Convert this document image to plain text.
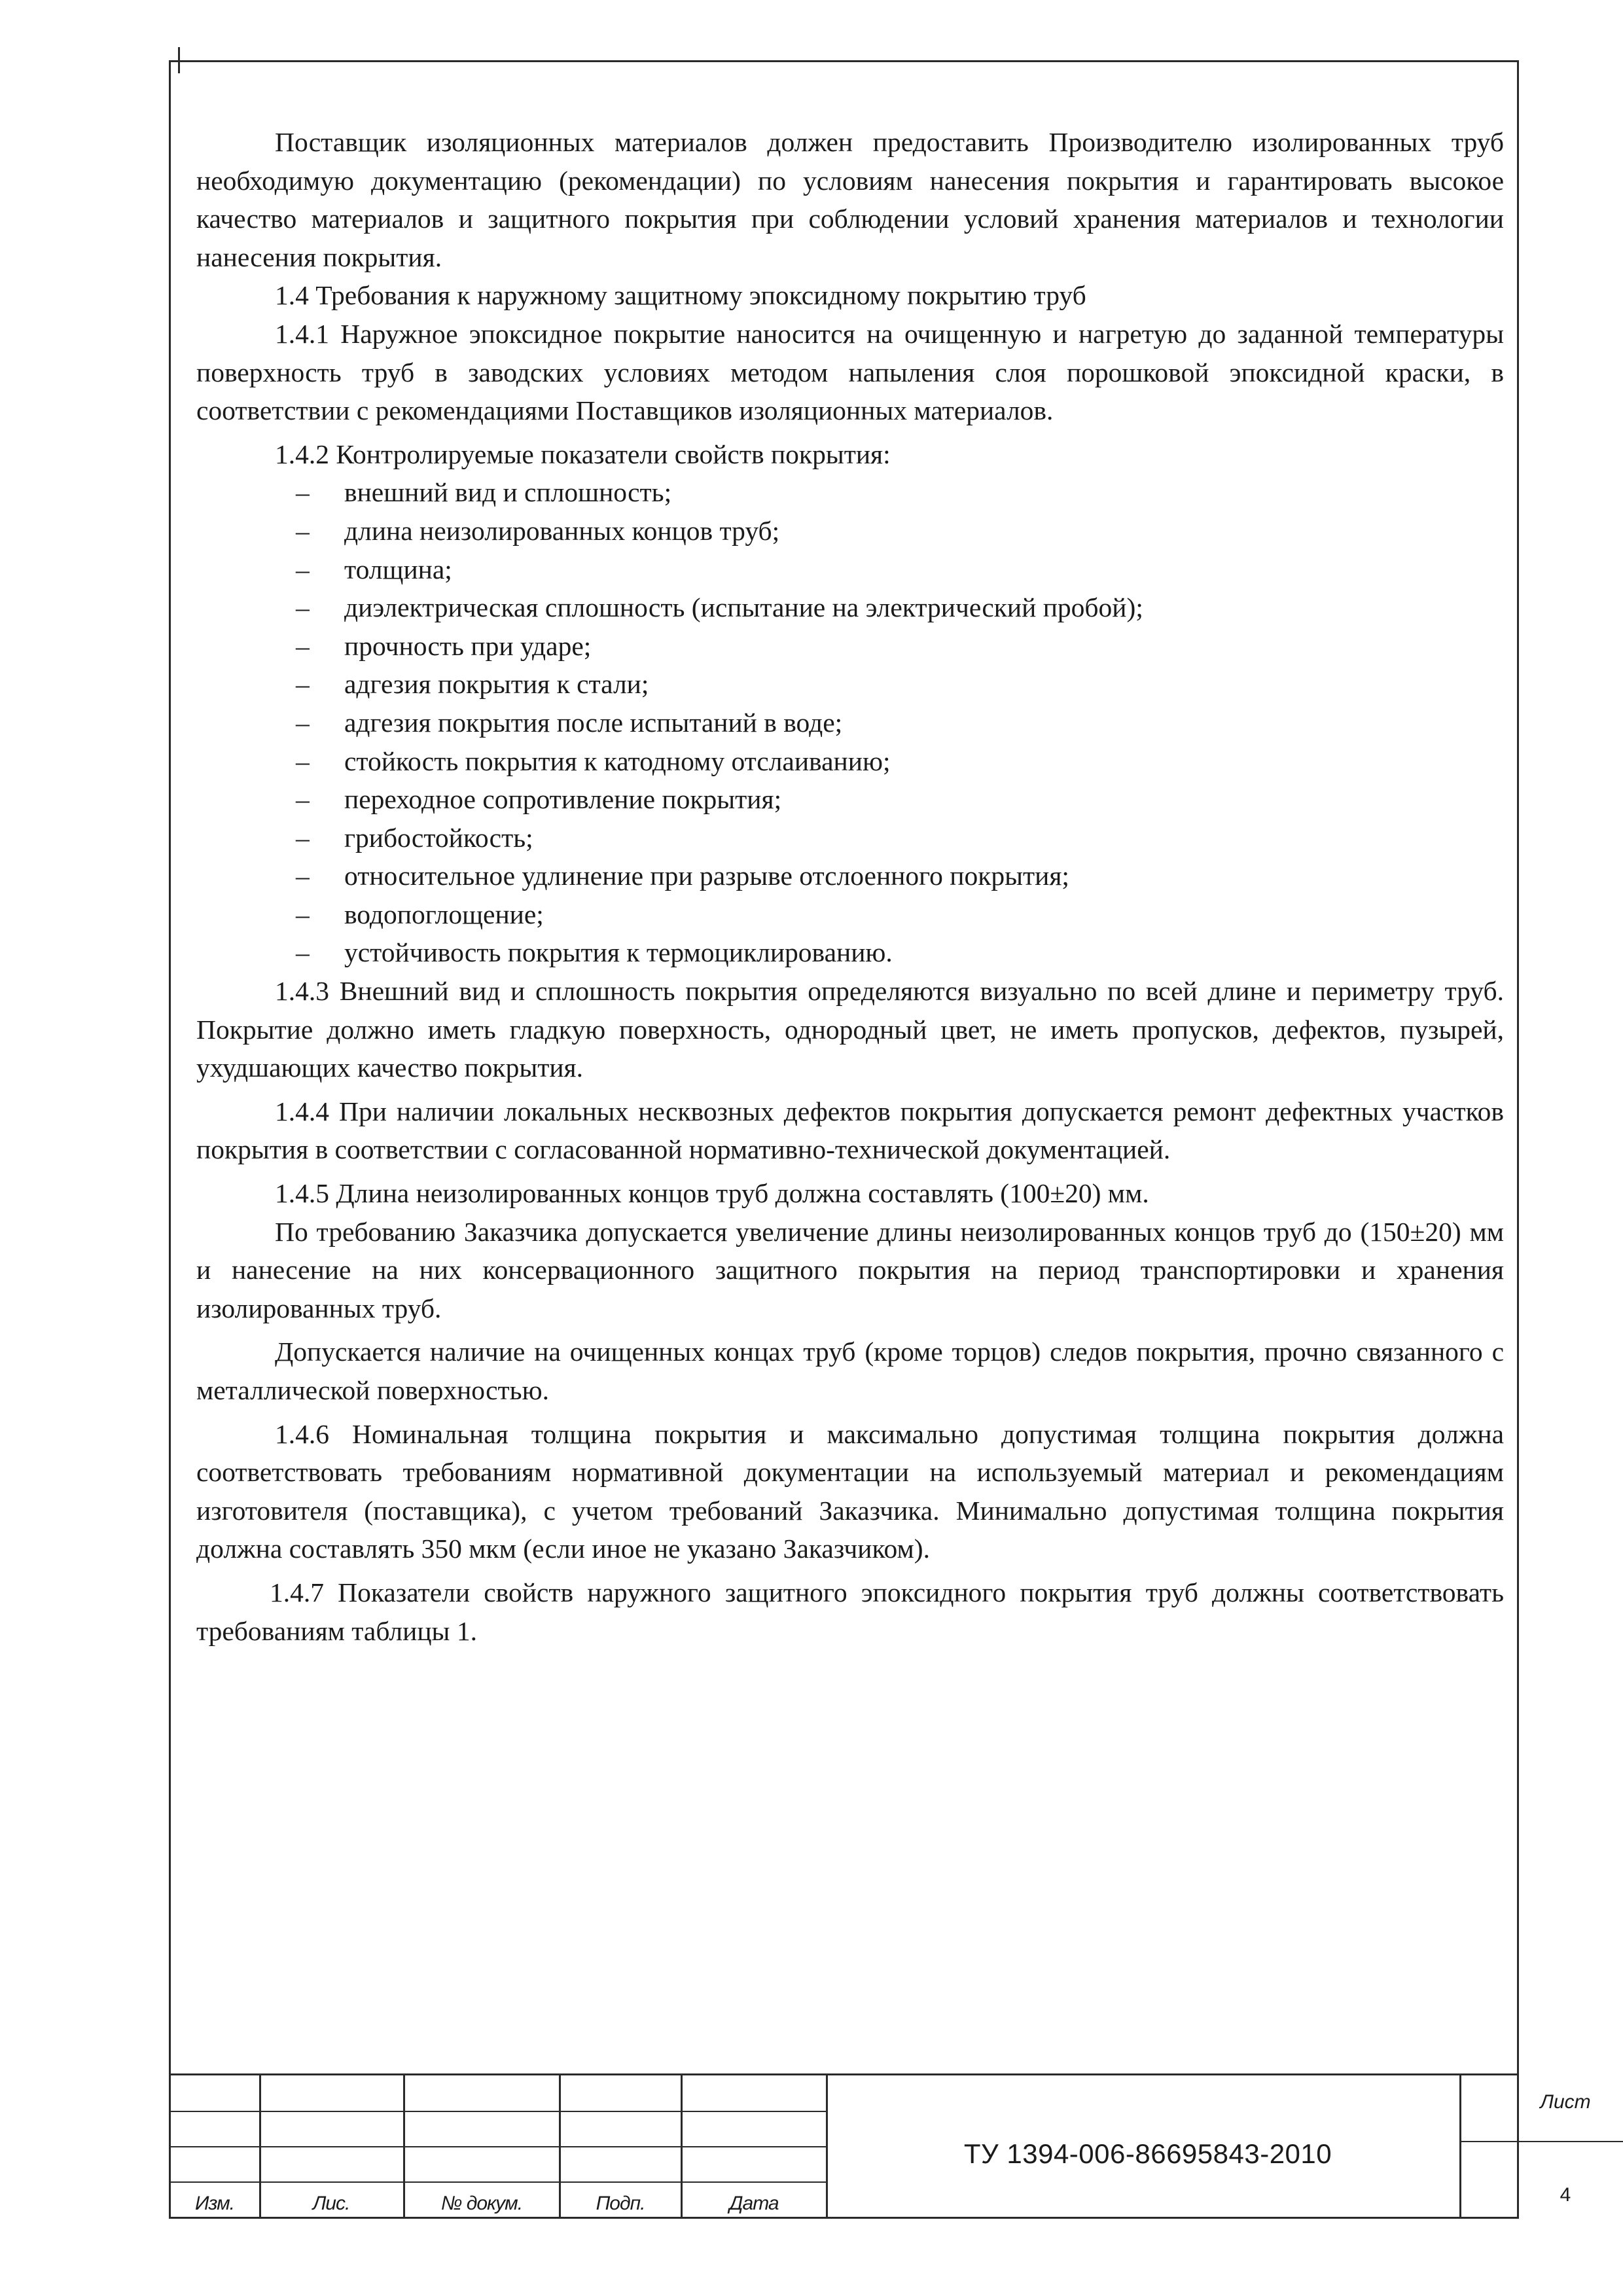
Поставщик изоляционных материалов должен предоставить Производителю изолированных труб необходимую документацию (рекомендации) по условиям нанесения покрытия и гарантировать высокое качество материалов и защитного покрытия при соблюдении условий хранения материалов и технологии нанесения покрытия.

1.4 Требования к наружному защитному эпоксидному покрытию труб

1.4.1 Наружное эпоксидное покрытие наносится на очищенную и нагретую до заданной температуры поверхность труб в заводских условиях методом напыления слоя порошковой эпоксидной краски, в соответствии с рекомендациями Поставщиков изоляционных материалов.

1.4.2 Контролируемые показатели свойств покрытия:

– внешний вид и сплошность;
– длина неизолированных концов труб;
– толщина;
– диэлектрическая сплошность (испытание на электрический пробой);
– прочность при ударе;
– адгезия покрытия к стали;
– адгезия покрытия после испытаний в воде;
– стойкость покрытия к катодному отслаиванию;
– переходное сопротивление покрытия;
– грибостойкость;
– относительное удлинение при разрыве отслоенного покрытия;
– водопоглощение;
– устойчивость покрытия к термоциклированию.

1.4.3 Внешний вид и сплошность покрытия определяются визуально по всей длине и периметру труб. Покрытие должно иметь гладкую поверхность, однородный цвет, не иметь пропусков, дефектов, пузырей, ухудшающих качество покрытия.

1.4.4 При наличии локальных несквозных дефектов покрытия допускается ремонт дефектных участков покрытия в соответствии с согласованной нормативно-технической документацией.

1.4.5 Длина неизолированных концов труб должна составлять (100±20) мм.

По требованию Заказчика допускается увеличение длины неизолированных концов труб до (150±20) мм и нанесение на них консервационного защитного покрытия на период транспортировки и хранения изолированных труб.

Допускается наличие на очищенных концах труб (кроме торцов) следов покрытия, прочно связанного с металлической поверхностью.

1.4.6 Номинальная толщина покрытия и максимально допустимая толщина покрытия должна соответствовать требованиям нормативной документации на используемый материал и рекомендациям изготовителя (поставщика), с учетом требований Заказчика. Минимально допустимая толщина покрытия должна составлять 350 мкм (если иное не указано Заказчиком).

1.4.7 Показатели свойств наружного защитного эпоксидного покрытия труб должны соответствовать требованиям таблицы 1.

Изм.	Лис.	№ докум.	Подп.	Дата
ТУ 1394-006-86695843-2010
Лист
4
